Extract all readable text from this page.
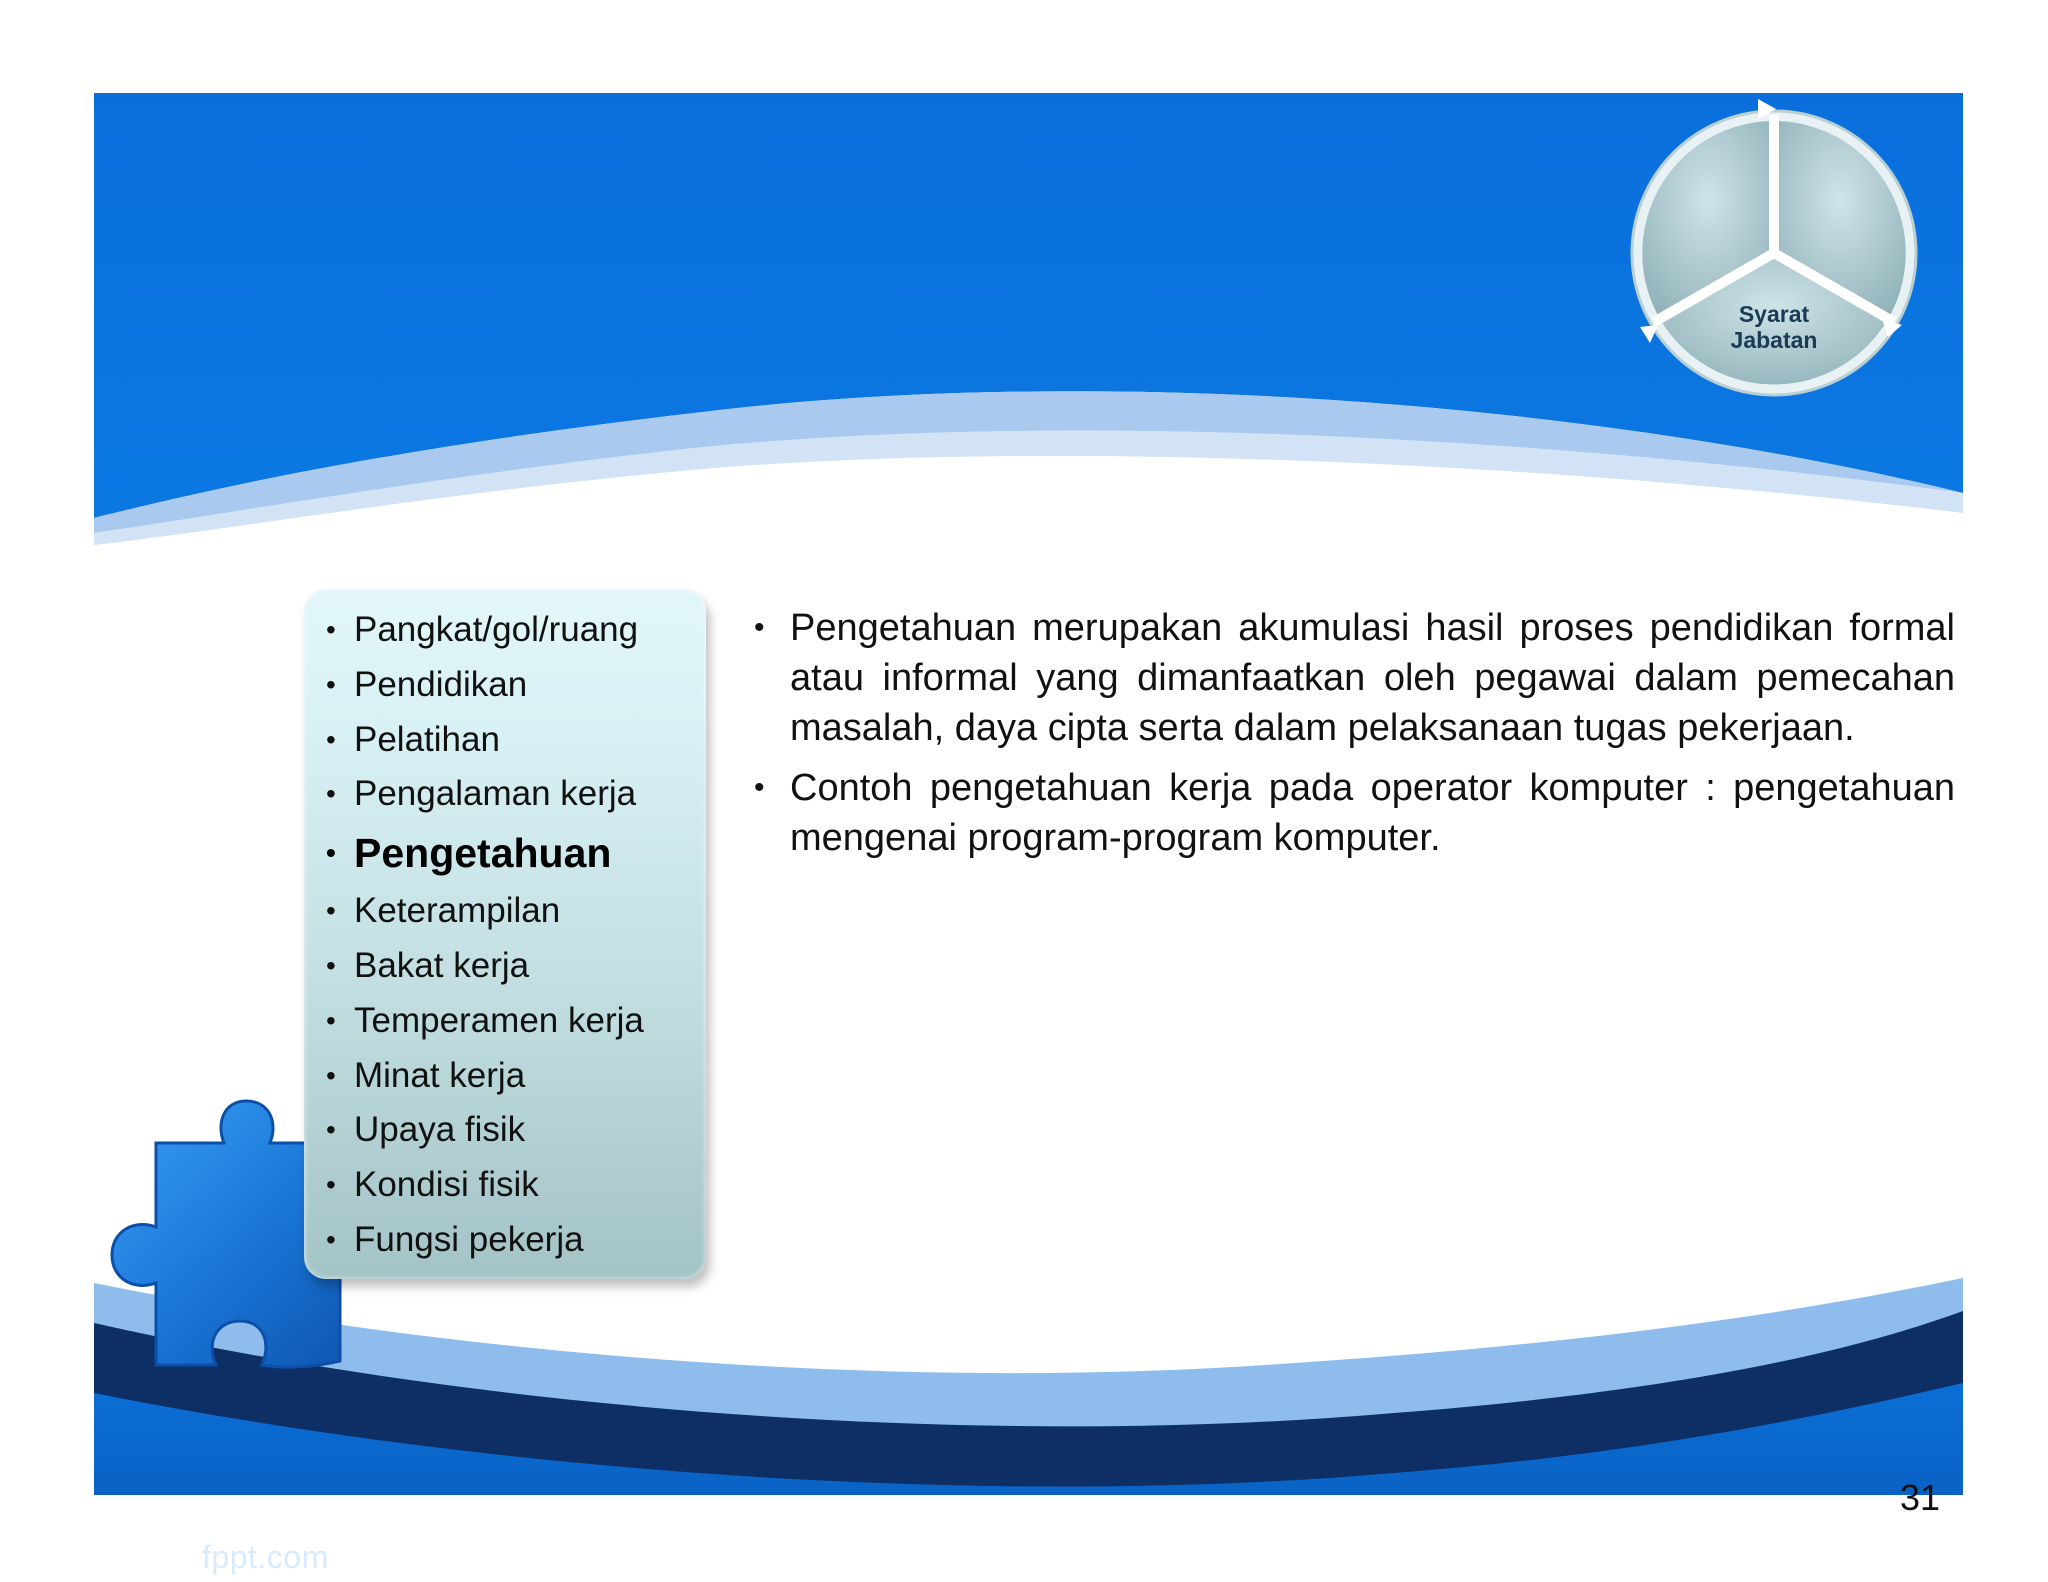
• Pangkat/gol/ruang
• Pendidikan
• Pelatihan
• Pengalaman kerja
• Pengetahuan
• Keterampilan
• Bakat kerja
• Temperamen kerja
• Minat kerja
• Upaya fisik
• Kondisi fisik
• Fungsi pekerja
• Pengetahuan merupakan akumulasi hasil proses pendidikan formal atau informal yang dimanfaatkan oleh pegawai dalam pemecahan masalah, daya cipta serta dalam pelaksanaan tugas pekerjaan.
• Contoh pengetahuan kerja pada operator komputer : pengetahuan mengenai program-program komputer.
31
fppt.com
Syarat
Jabatan
